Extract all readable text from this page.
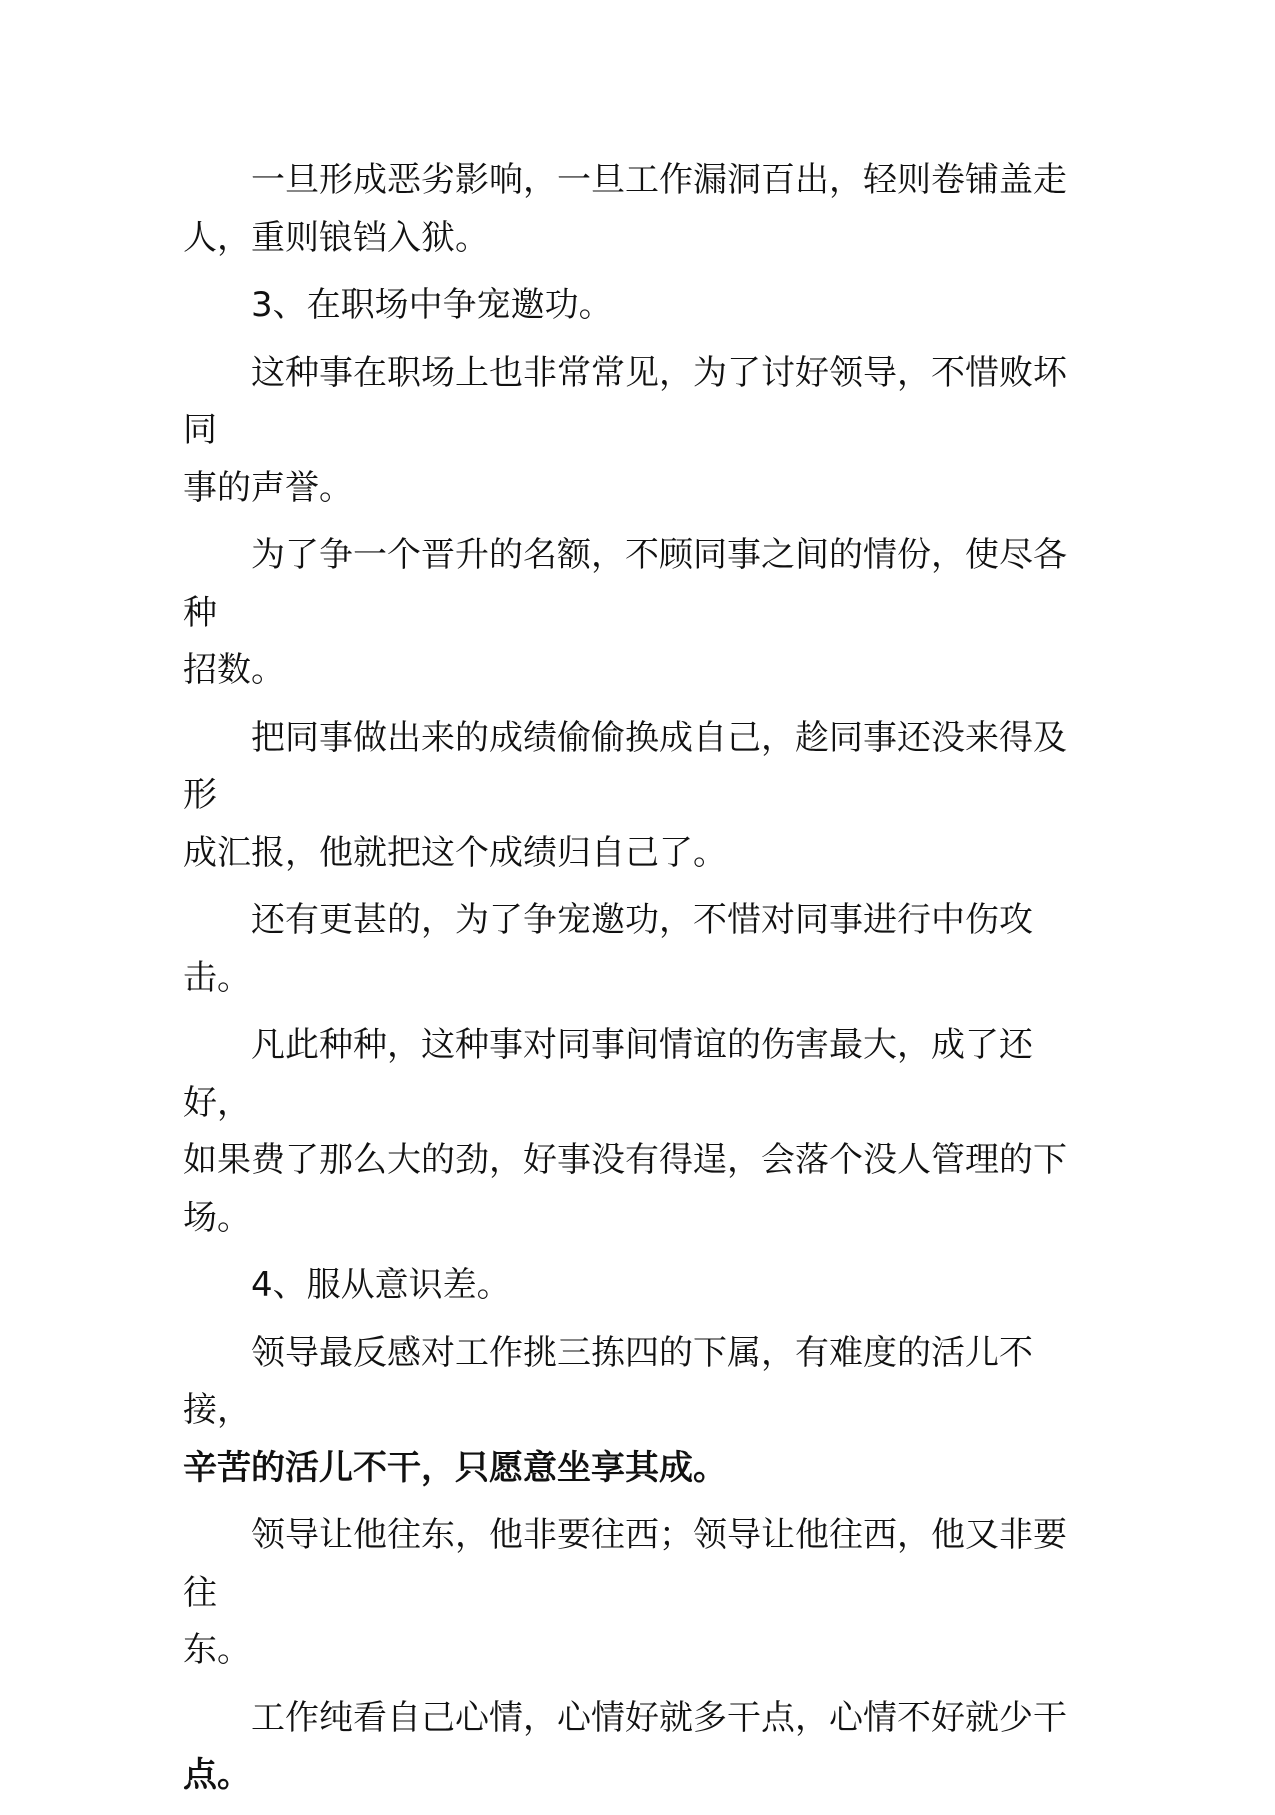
一旦形成恶劣影响，一旦工作漏洞百出，轻则卷铺盖走
人，重则锒铛入狱。

3、在职场中争宠邀功。

这种事在职场上也非常常见，为了讨好领导，不惜败坏同
事的声誉。

为了争一个晋升的名额，不顾同事之间的情份，使尽各种
招数。

把同事做出来的成绩偷偷换成自己，趁同事还没来得及形
成汇报，他就把这个成绩归自己了。

还有更甚的，为了争宠邀功，不惜对同事进行中伤攻击。

凡此种种，这种事对同事间情谊的伤害最大，成了还好，
如果费了那么大的劲，好事没有得逞，会落个没人管理的下
场。

4、服从意识差。

领导最反感对工作挑三拣四的下属，有难度的活儿不接，
辛苦的活儿不干，只愿意坐享其成。

领导让他往东，他非要往西；领导让他往西，他又非要往
东。

工作纯看自己心情，心情好就多干点，心情不好就少干
点。
